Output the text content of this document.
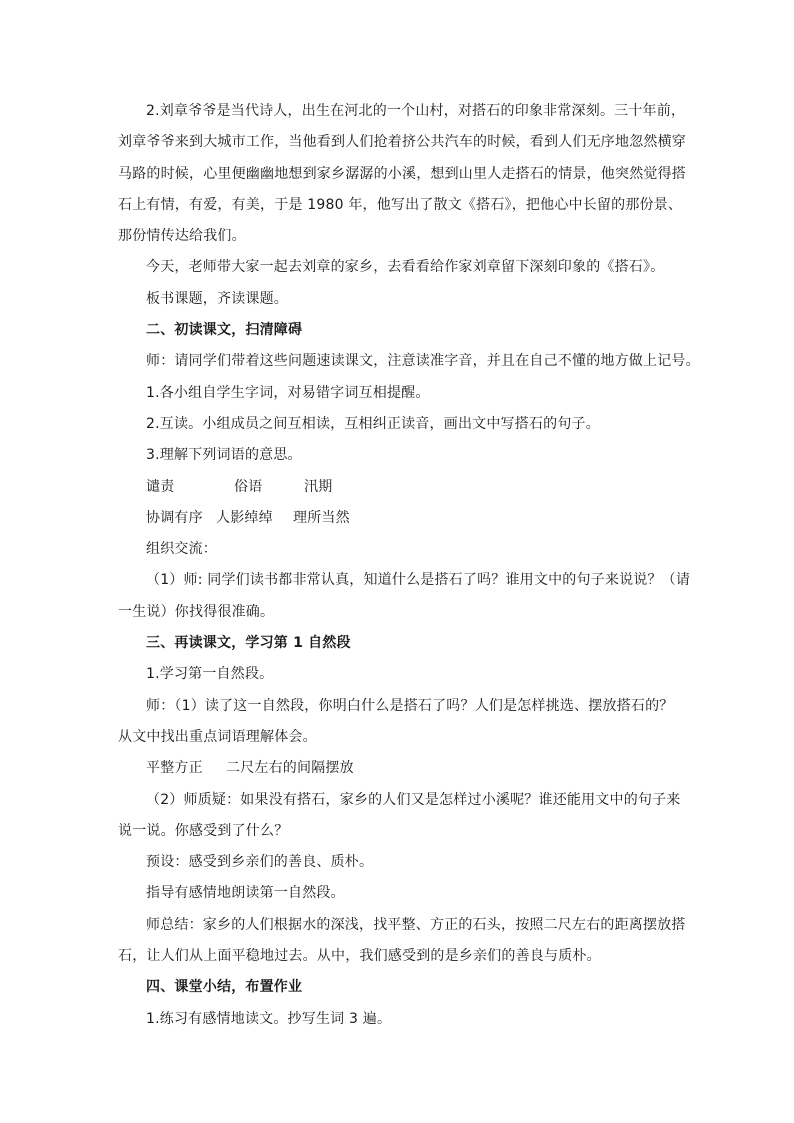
2.刘章爷爷是当代诗人，出生在河北的一个山村，对搭石的印象非常深刻。三十年前，
刘章爷爷来到大城市工作，当他看到人们抢着挤公共汽车的时候，看到人们无序地忽然横穿
马路的时候，心里便幽幽地想到家乡潺潺的小溪，想到山里人走搭石的情景，他突然觉得搭
石上有情，有爱，有美，于是 1980 年，他写出了散文《搭石》，把他心中长留的那份景、
那份情传达给我们。
今天，老师带大家一起去刘章的家乡，去看看给作家刘章留下深刻印象的《搭石》。
板书课题，齐读课题。
二、初读课文，扫清障碍
师：请同学们带着这些问题速读课文，注意读准字音，并且在自己不懂的地方做上记号。
1.各小组自学生字词，对易错字词互相提醒。
2.互读。小组成员之间互相读，互相纠正读音，画出文中写搭石的句子。
3.理解下列词语的意思。
谴责	俗语	汛期
协调有序 人影绰绰	理所当然
组织交流：
（1）师: 同学们读书都非常认真，知道什么是搭石了吗？谁用文中的句子来说说？（请
一生说）你找得很准确。
三、再读课文，学习第 1 自然段
1.学习第一自然段。
师：（1）读了这一自然段，你明白什么是搭石了吗？人们是怎样挑选、摆放搭石的？
从文中找出重点词语理解体会。
平整方正	二尺左右的间隔摆放
（2）师质疑：如果没有搭石，家乡的人们又是怎样过小溪呢？谁还能用文中的句子来
说一说。你感受到了什么？
预设：感受到乡亲们的善良、质朴。
指导有感情地朗读第一自然段。
师总结：家乡的人们根据水的深浅，找平整、方正的石头，按照二尺左右的距离摆放搭
石，让人们从上面平稳地过去。从中，我们感受到的是乡亲们的善良与质朴。
四、课堂小结，布置作业
1.练习有感情地读文。抄写生词 3 遍。
